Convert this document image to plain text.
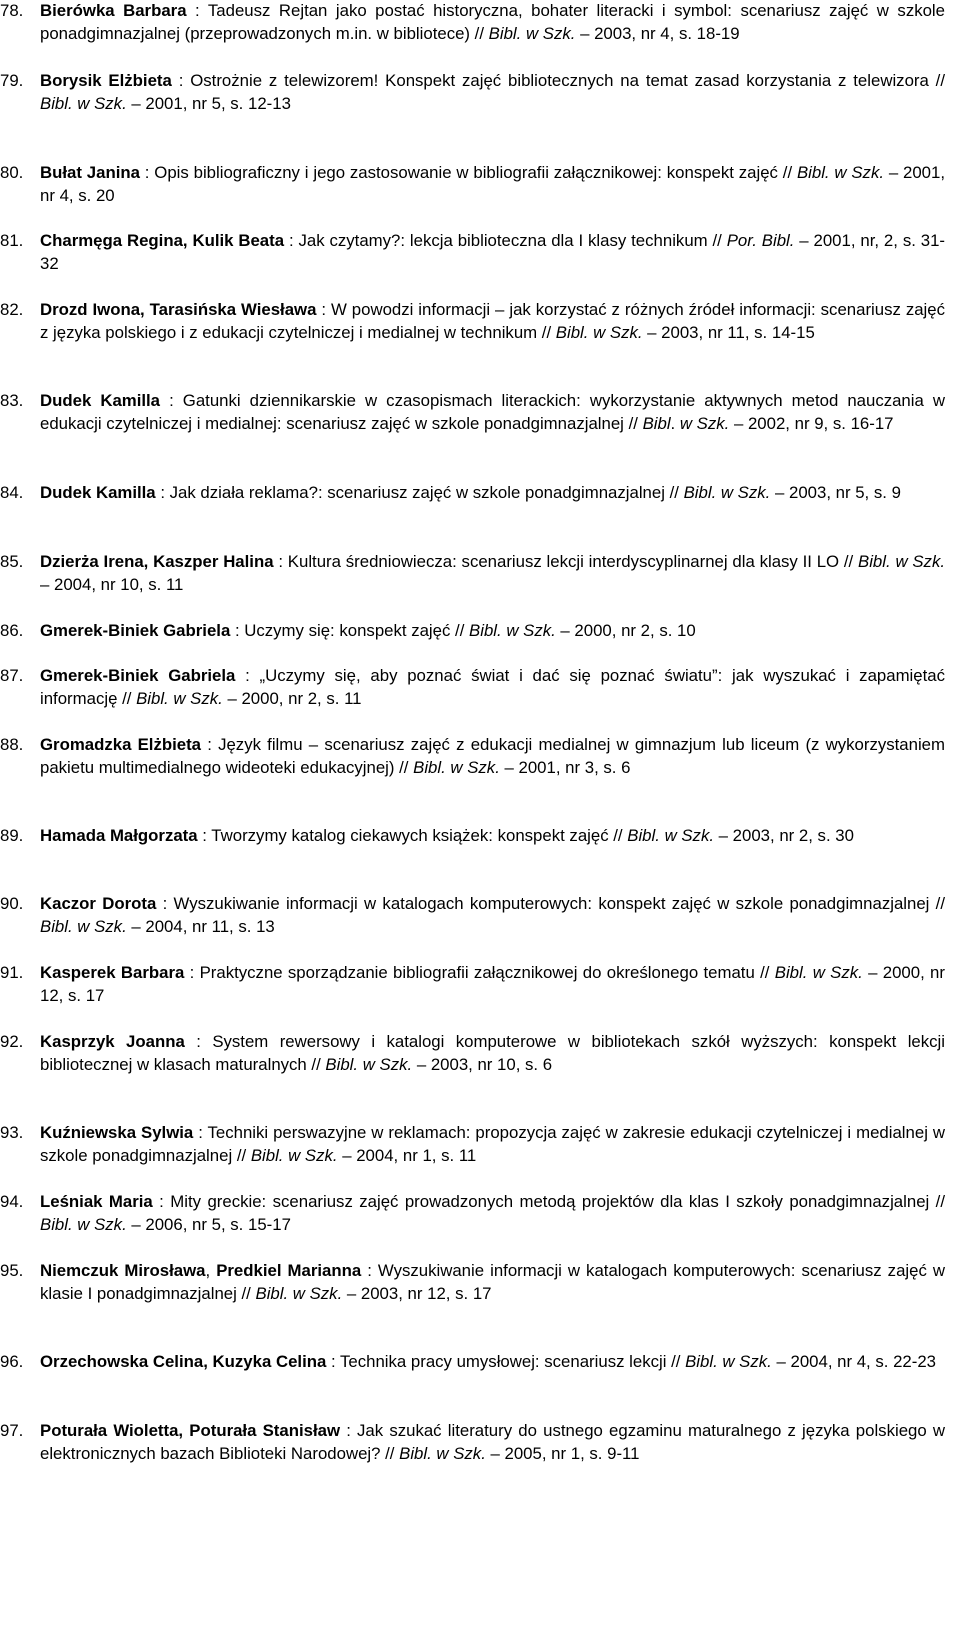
78. Bierówka Barbara : Tadeusz Rejtan jako postać historyczna, bohater literacki i symbol: scenariusz zajęć w szkole ponadgimnazjalnej (przeprowadzonych m.in. w bibliotece) // Bibl. w Szk. – 2003, nr 4, s. 18-19
79. Borysik Elżbieta : Ostrożnie z telewizorem! Konspekt zajęć bibliotecznych na temat zasad korzystania z telewizora // Bibl. w Szk. – 2001, nr 5, s. 12-13
80. Bułat Janina : Opis bibliograficzny i jego zastosowanie w bibliografii załącznikowej: konspekt zajęć // Bibl. w Szk. – 2001, nr 4, s. 20
81. Charmęga Regina, Kulik Beata : Jak czytamy?: lekcja biblioteczna dla I klasy technikum // Por. Bibl. – 2001, nr, 2, s. 31-32
82. Drozd Iwona, Tarasińska Wiesława : W powodzi informacji – jak korzystać z różnych źródeł informacji: scenariusz zajęć z języka polskiego i z edukacji czytelniczej i medialnej w technikum // Bibl. w Szk. – 2003, nr 11, s. 14-15
83. Dudek Kamilla : Gatunki dziennikarskie w czasopismach literackich: wykorzystanie aktywnych metod nauczania w edukacji czytelniczej i medialnej: scenariusz zajęć w szkole ponadgimnazjalnej // Bibl. w Szk. – 2002, nr 9, s. 16-17
84. Dudek Kamilla : Jak działa reklama?: scenariusz zajęć w szkole ponadgimnazjalnej // Bibl. w Szk. – 2003, nr 5, s. 9
85. Dzierża Irena, Kaszper Halina : Kultura średniowiecza: scenariusz lekcji interdyscyplinarnej dla klasy II LO // Bibl. w Szk. – 2004, nr 10, s. 11
86. Gmerek-Biniek Gabriela : Uczymy się: konspekt zajęć // Bibl. w Szk. – 2000, nr 2, s. 10
87. Gmerek-Biniek Gabriela : „Uczymy się, aby poznać świat i dać się poznać światu”: jak wyszukać i zapamiętać informację // Bibl. w Szk. – 2000, nr 2, s. 11
88. Gromadzka Elżbieta : Język filmu – scenariusz zajęć z edukacji medialnej w gimnazjum lub liceum (z wykorzystaniem pakietu multimedialnego wideoteki edukacyjnej) // Bibl. w Szk. – 2001, nr 3, s. 6
89. Hamada Małgorzata : Tworzymy katalog ciekawych książek: konspekt zajęć // Bibl. w Szk. – 2003, nr 2, s. 30
90. Kaczor Dorota : Wyszukiwanie informacji w katalogach komputerowych: konspekt zajęć w szkole ponadgimnazjalnej // Bibl. w Szk. – 2004, nr 11, s. 13
91. Kasperek Barbara : Praktyczne sporządzanie bibliografii załącznikowej do określonego tematu // Bibl. w Szk. – 2000, nr 12, s. 17
92. Kasprzyk Joanna : System rewersowy i katalogi komputerowe w bibliotekach szkół wyższych: konspekt lekcji bibliotecznej w klasach maturalnych // Bibl. w Szk. – 2003, nr 10, s. 6
93. Kuźniewska Sylwia : Techniki perswazyjne w reklamach: propozycja zajęć w zakresie edukacji czytelniczej i medialnej w szkole ponadgimnazjalnej // Bibl. w Szk. – 2004, nr 1, s. 11
94. Leśniak Maria : Mity greckie: scenariusz zajęć prowadzonych metodą projektów dla klas I szkoły ponadgimnazjalnej // Bibl. w Szk. – 2006, nr 5, s. 15-17
95. Niemczuk Mirosława, Predkiel Marianna : Wyszukiwanie informacji w katalogach komputerowych: scenariusz zajęć w klasie I ponadgimnazjalnej // Bibl. w Szk. – 2003, nr 12, s. 17
96. Orzechowska Celina, Kuzyka Celina : Technika pracy umysłowej: scenariusz lekcji // Bibl. w Szk. – 2004, nr 4, s. 22-23
97. Poturała Wioletta, Poturała Stanisław : Jak szukać literatury do ustnego egzaminu maturalnego z języka polskiego w elektronicznych bazach Biblioteki Narodowej? // Bibl. w Szk. – 2005, nr 1, s. 9-11
